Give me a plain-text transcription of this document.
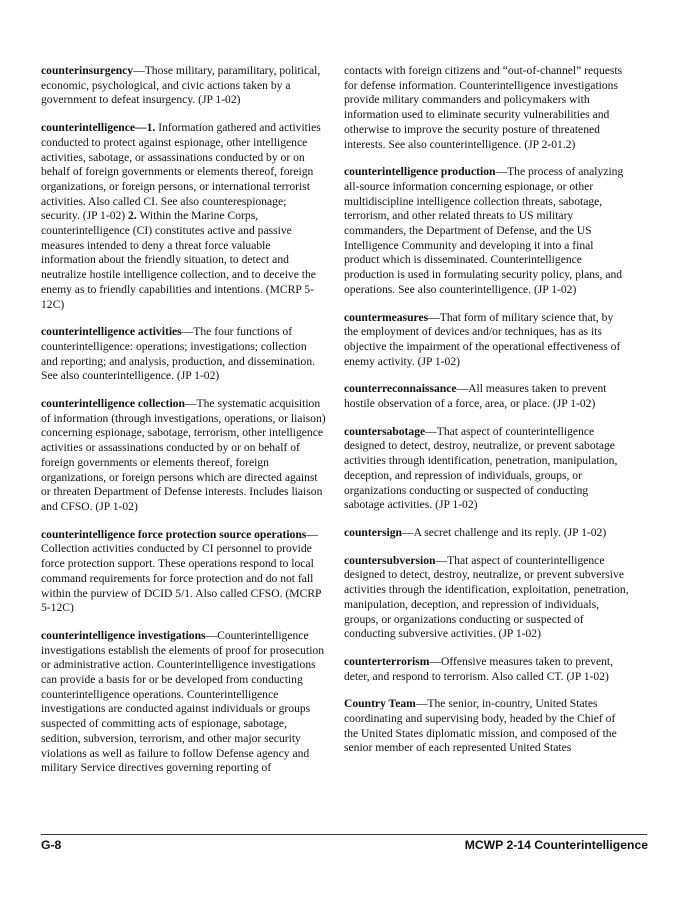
counterinsurgency—Those military, paramilitary, political, economic, psychological, and civic actions taken by a government to defeat insurgency. (JP 1-02)

counterintelligence—1. Information gathered and activities conducted to protect against espionage, other intelligence activities, sabotage, or assassinations conducted by or on behalf of foreign governments or elements thereof, foreign organizations, or foreign persons, or international terrorist activities. Also called CI. See also counterespionage; security. (JP 1-02) 2. Within the Marine Corps, counterintelligence (CI) constitutes active and passive measures intended to deny a threat force valuable information about the friendly situation, to detect and neutralize hostile intelligence collection, and to deceive the enemy as to friendly capabilities and intentions. (MCRP 5-12C)

counterintelligence activities—The four functions of counterintelligence: operations; investigations; collection and reporting; and analysis, production, and dissemination. See also counterintelligence. (JP 1-02)

counterintelligence collection—The systematic acquisition of information (through investigations, operations, or liaison) concerning espionage, sabotage, terrorism, other intelligence activities or assassinations conducted by or on behalf of foreign governments or elements thereof, foreign organizations, or foreign persons which are directed against or threaten Department of Defense interests. Includes liaison and CFSO. (JP 1-02)

counterintelligence force protection source operations—Collection activities conducted by CI personnel to provide force protection support. These operations respond to local command requirements for force protection and do not fall within the purview of DCID 5/1. Also called CFSO. (MCRP 5-12C)

counterintelligence investigations—Counterintelligence investigations establish the elements of proof for prosecution or administrative action. Counterintelligence investigations can provide a basis for or be developed from conducting counterintelligence operations. Counterintelligence investigations are conducted against individuals or groups suspected of committing acts of espionage, sabotage, sedition, subversion, terrorism, and other major security violations as well as failure to follow Defense agency and military Service directives governing reporting of

contacts with foreign citizens and “out-of-channel” requests for defense information. Counterintelligence investigations provide military commanders and policymakers with information used to eliminate security vulnerabilities and otherwise to improve the security posture of threatened interests. See also counterintelligence. (JP 2-01.2)

counterintelligence production—The process of analyzing all-source information concerning espionage, or other multidiscipline intelligence collection threats, sabotage, terrorism, and other related threats to US military commanders, the Department of Defense, and the US Intelligence Community and developing it into a final product which is disseminated. Counterintelligence production is used in formulating security policy, plans, and operations. See also counterintelligence. (JP 1-02)

countermeasures—That form of military science that, by the employment of devices and/or techniques, has as its objective the impairment of the operational effectiveness of enemy activity. (JP 1-02)

counterreconnaissance—All measures taken to prevent hostile observation of a force, area, or place. (JP 1-02)

countersabotage—That aspect of counterintelligence designed to detect, destroy, neutralize, or prevent sabotage activities through identification, penetration, manipulation, deception, and repression of individuals, groups, or organizations conducting or suspected of conducting sabotage activities. (JP 1-02)

countersign—A secret challenge and its reply. (JP 1-02)

countersubversion—That aspect of counterintelligence designed to detect, destroy, neutralize, or prevent subversive activities through the identification, exploitation, penetration, manipulation, deception, and repression of individuals, groups, or organizations conducting or suspected of conducting subversive activities. (JP 1-02)

counterterrorism—Offensive measures taken to prevent, deter, and respond to terrorism. Also called CT. (JP 1-02)

Country Team—The senior, in-country, United States coordinating and supervising body, headed by the Chief of the United States diplomatic mission, and composed of the senior member of each represented United States

G-8	MCWP 2-14 Counterintelligence
